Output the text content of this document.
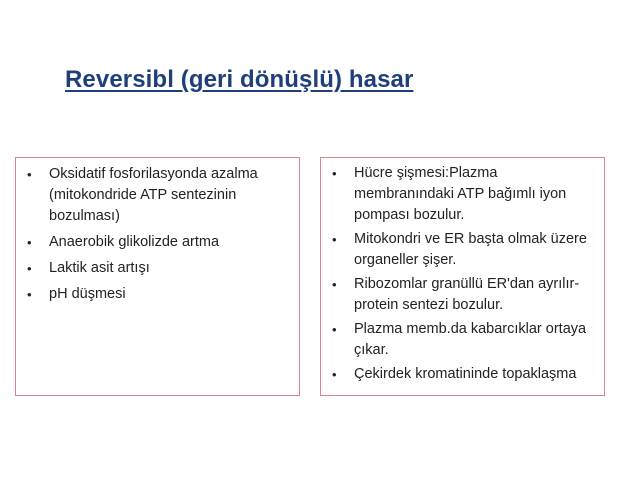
Reversibl (geri dönüşlü) hasar
•	Oksidatif fosforilasyonda azalma (mitokondride ATP sentezinin bozulması)
•	Anaerobik glikolizde artma
•	Laktik asit artışı
•	pH düşmesi
•	Hücre şişmesi:Plazma membranındaki ATP bağımlı iyon pompası bozulur.
•	Mitokondri ve ER başta olmak üzere organeller şişer.
•	Ribozomlar granüllü ER'dan ayrılır- protein sentezi bozulur.
•	Plazma memb.da kabarcıklar ortaya çıkar.
•	Çekirdek kromatininde topaklaşma
